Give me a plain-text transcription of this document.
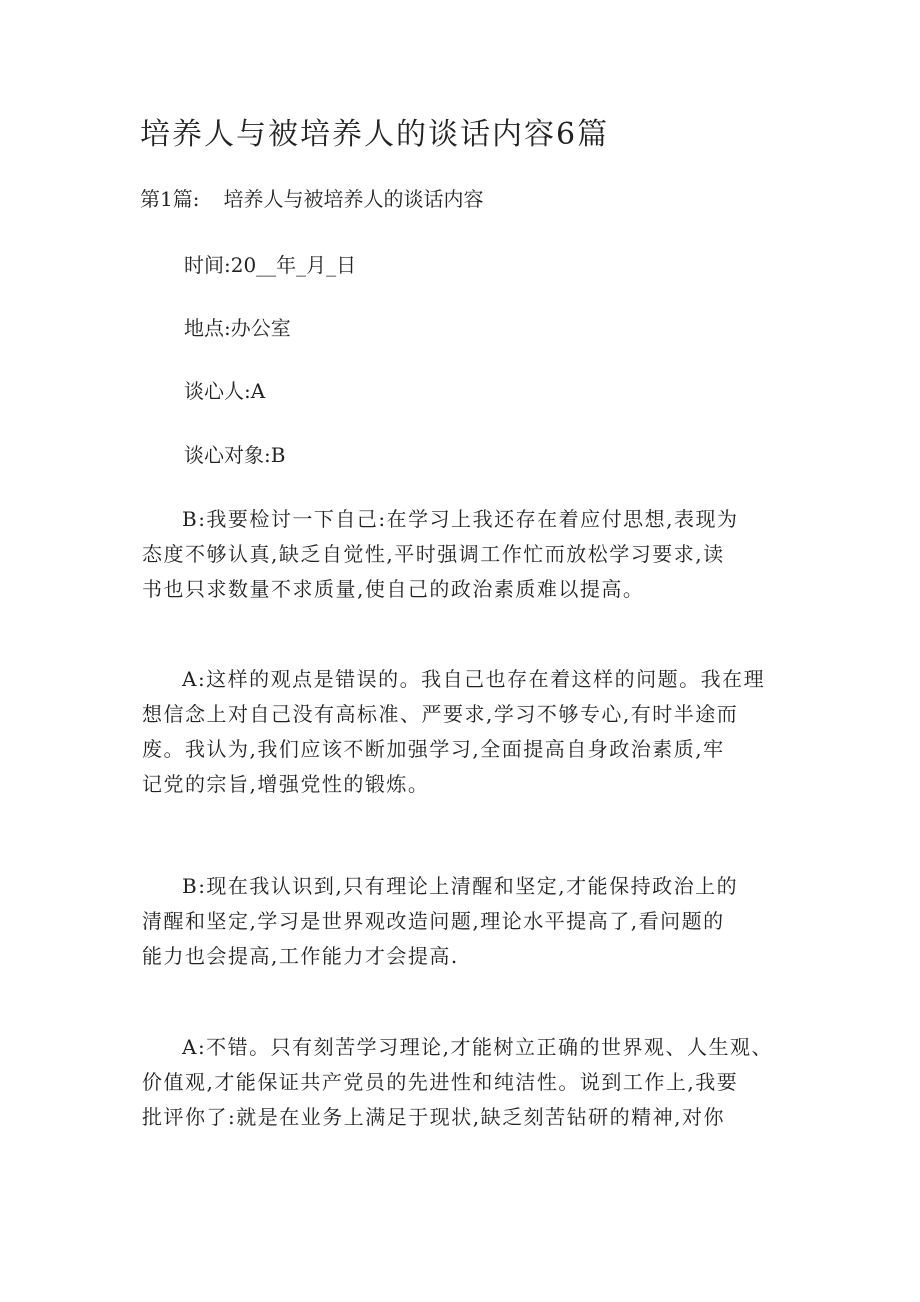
培养人与被培养人的谈话内容6篇
第1篇: 培养人与被培养人的谈话内容

时间:20__年_月_日

地点:办公室

谈心人:A

谈心对象:B

B:我要检讨一下自己:在学习上我还存在着应付思想,表现为
态度不够认真,缺乏自觉性,平时强调工作忙而放松学习要求,读
书也只求数量不求质量,使自己的政治素质难以提高。
A:这样的观点是错误的。我自己也存在着这样的问题。我在理
想信念上对自己没有高标准、严要求,学习不够专心,有时半途而
废。我认为,我们应该不断加强学习,全面提高自身政治素质,牢
记党的宗旨,增强党性的锻炼。
B:现在我认识到,只有理论上清醒和坚定,才能保持政治上的
清醒和坚定,学习是世界观改造问题,理论水平提高了,看问题的
能力也会提高,工作能力才会提高.
A:不错。只有刻苦学习理论,才能树立正确的世界观、人生观、
价值观,才能保证共产党员的先进性和纯洁性。说到工作上,我要
批评你了:就是在业务上满足于现状,缺乏刻苦钻研的精神,对你
